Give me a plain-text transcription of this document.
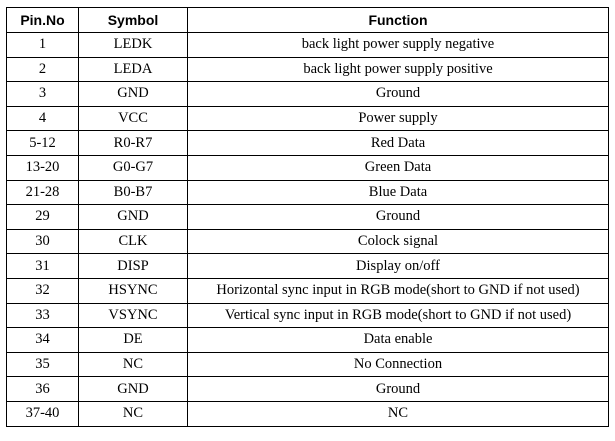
Pin.No	Symbol	Function
1	LEDK	back light power supply negative
2	LEDA	back light power supply positive
3	GND	Ground
4	VCC	Power supply
5-12	R0-R7	Red Data
13-20	G0-G7	Green Data
21-28	B0-B7	Blue Data
29	GND	Ground
30	CLK	Colock signal
31	DISP	Display on/off
32	HSYNC	Horizontal sync input in RGB mode(short to GND if not used)
33	VSYNC	Vertical sync input in RGB mode(short to GND if not used)
34	DE	Data enable
35	NC	No Connection
36	GND	Ground
37-40	NC	NC
